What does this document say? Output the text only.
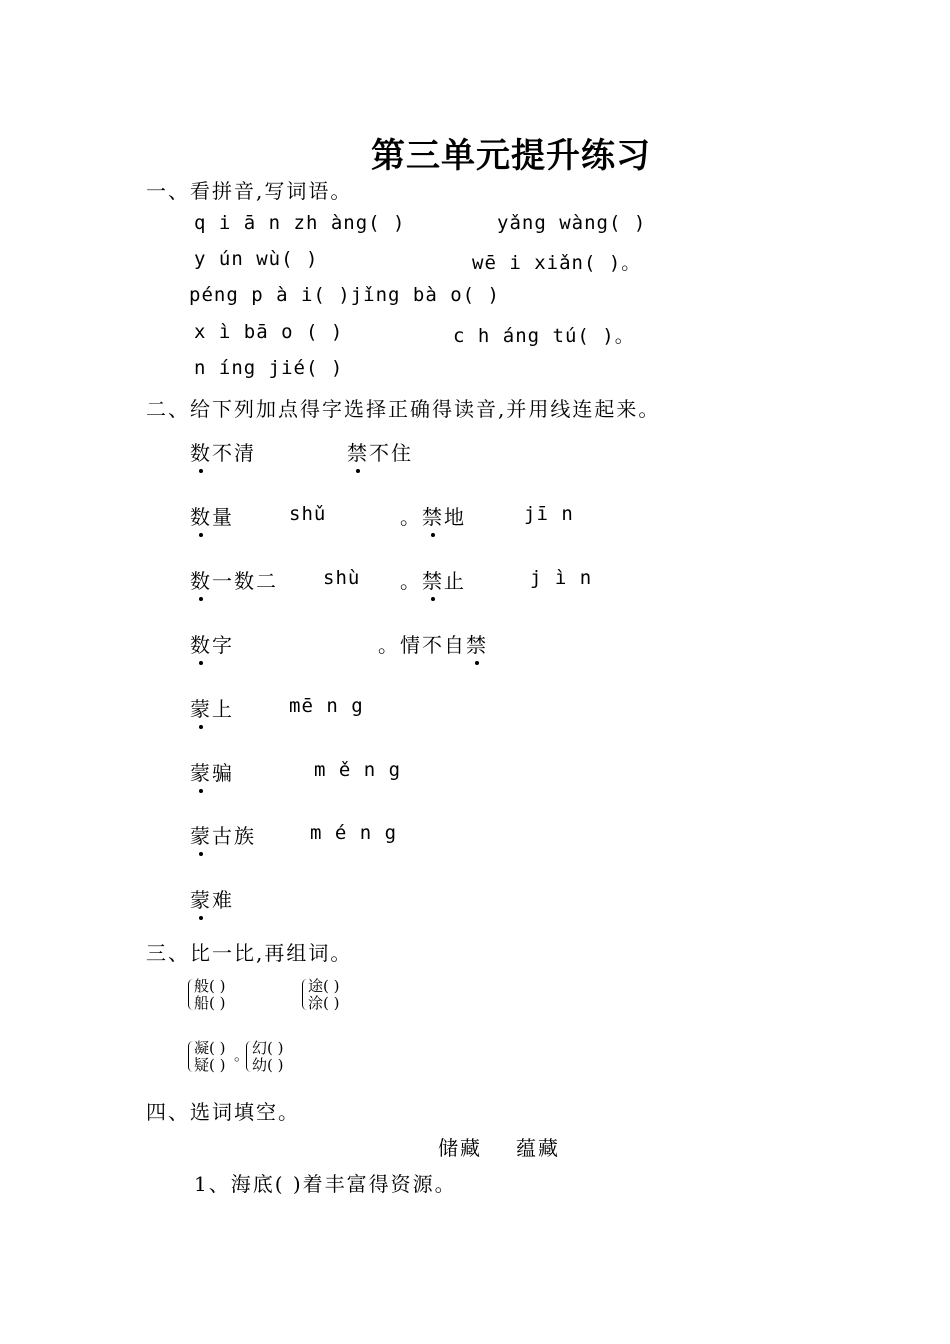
第三单元提升练习
一、看拼音,写词语。
q i ā n zh àng( )	yǎng wàng( )
y ún wù( )	wē i xiǎn( )。
péng p à i( )jǐng bà o( )
x ì bā o ( )	c h áng tú( )。
n íng jié( )
二、给下列加点得字选择正确得读音,并用线连起来。
数不清
数量
数一数二
数字
蒙上
蒙骗
蒙古族
蒙难
shǔ
shù
mē n g
m ě n g
m é n g
禁不住
。禁地
。禁止
。情不自禁
jī n
j ì n
三、比一比,再组词。
般( )
船( )
途( )
涂( )
凝( )
疑( )
。 幻( )
幼( )
四、选词填空。
储藏 蕴藏
1、海底( )着丰富得资源。
